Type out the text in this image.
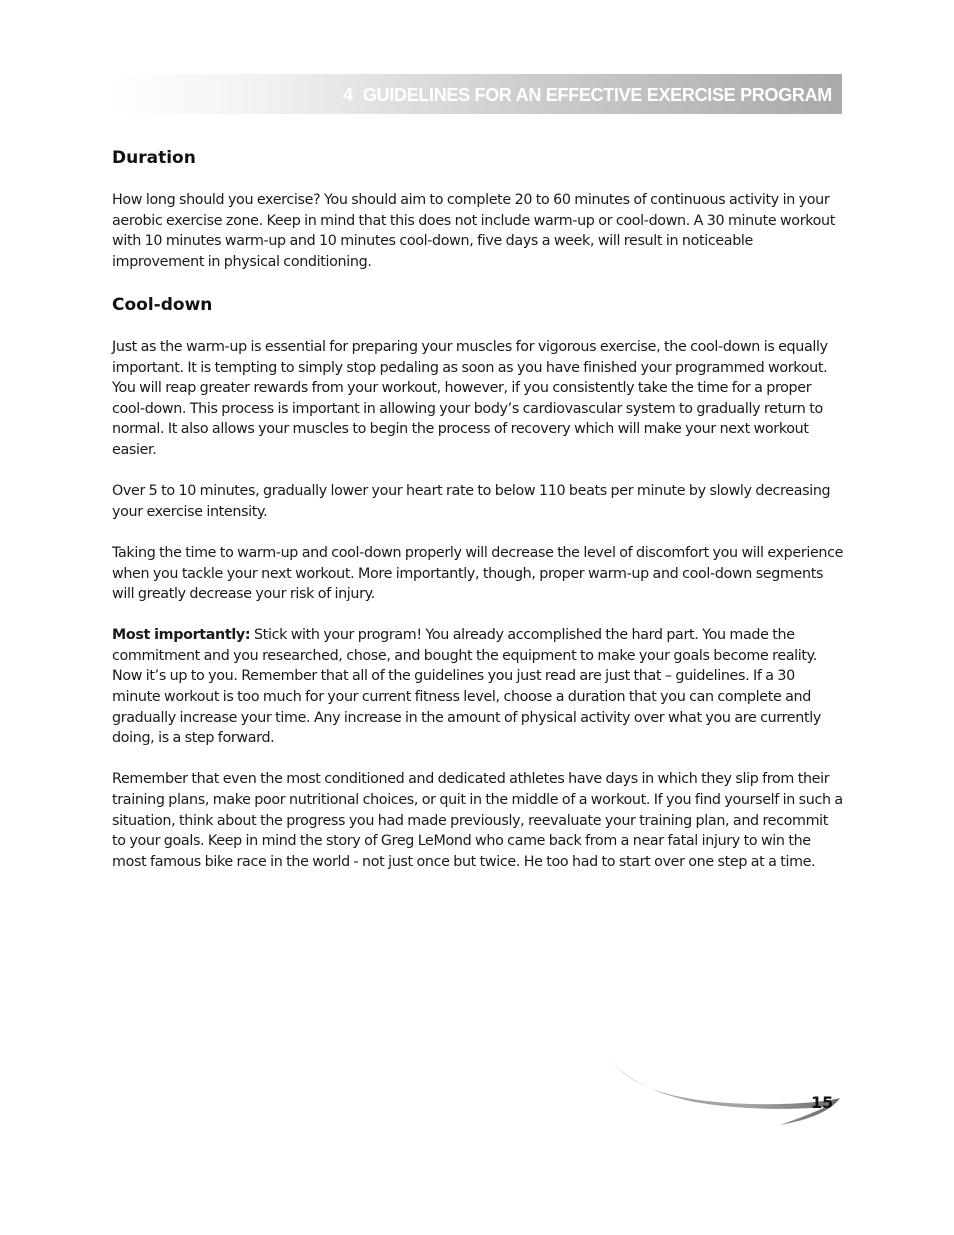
4 GUIDELINES FOR AN EFFECTIVE EXERCISE PROGRAM
Duration

How long should you exercise? You should aim to complete 20 to 60 minutes of continuous activity in your aerobic exercise zone. Keep in mind that this does not include warm-up or cool-down. A 30 minute workout with 10 minutes warm-up and 10 minutes cool-down, five days a week, will result in noticeable improvement in physical conditioning.

Cool-down

Just as the warm-up is essential for preparing your muscles for vigorous exercise, the cool-down is equally important. It is tempting to simply stop pedaling as soon as you have finished your programmed workout. You will reap greater rewards from your workout, however, if you consistently take the time for a proper cool-down. This process is important in allowing your body’s cardiovascular system to gradually return to normal. It also allows your muscles to begin the process of recovery which will make your next workout easier.

Over 5 to 10 minutes, gradually lower your heart rate to below 110 beats per minute by slowly decreasing your exercise intensity.

Taking the time to warm-up and cool-down properly will decrease the level of discomfort you will experience when you tackle your next workout. More importantly, though, proper warm-up and cool-down segments will greatly decrease your risk of injury.

Most importantly: Stick with your program! You already accomplished the hard part. You made the commitment and you researched, chose, and bought the equipment to make your goals become reality. Now it’s up to you. Remember that all of the guidelines you just read are just that – guidelines. If a 30 minute workout is too much for your current fitness level, choose a duration that you can complete and gradually increase your time. Any increase in the amount of physical activity over what you are currently doing, is a step forward.

Remember that even the most conditioned and dedicated athletes have days in which they slip from their training plans, make poor nutritional choices, or quit in the middle of a workout. If you find yourself in such a situation, think about the progress you had made previously, reevaluate your training plan, and recommit to your goals. Keep in mind the story of Greg LeMond who came back from a near fatal injury to win the most famous bike race in the world - not just once but twice. He too had to start over one step at a time.

15
